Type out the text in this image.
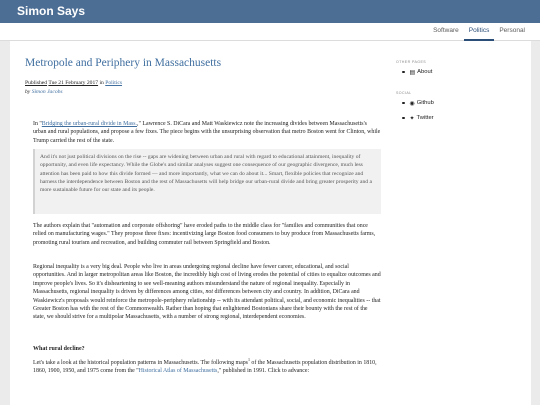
Simon Says
Software	Politics	Personal
Metropole and Periphery in Massachusetts
Published Tue 21 February 2017 in Politics
by Simon Jacobs
In "Bridging the urban-rural divide in Mass.," Lawrence S. DiCara and Matt Waskiewicz note the increasing divides between Massachusetts's urban and rural populations, and propose a few fixes. The piece begins with the unsurprising observation that metro Boston went for Clinton, while Trump carried the rest of the state.
And it's not just political divisions on the rise -- gaps are widening between urban and rural with regard to educational attainment, inequality of opportunity, and even life expectancy. While the Globe's and similar analyses suggest one consequence of our geographic divergence, much less attention has been paid to how this divide formed — and more importantly, what we can do about it... Smart, flexible policies that recognize and harness the interdependence between Boston and the rest of Massachusetts will help bridge our urban-rural divide and bring greater prosperity and a more sustainable future for our state and its people.
The authors explain that "automation and corporate offshoring" have eroded paths to the middle class for "families and communities that once relied on manufacturing wages." They propose three fixes: incentivizing large Boston food consumers to buy produce from Massachusetts farms, promoting rural tourism and recreation, and building commuter rail between Springfield and Boston.
Regional inequality is a very big deal. People who live in areas undergoing regional decline have fewer career, educational, and social opportunities. And in larger metropolitan areas like Boston, the incredibly high cost of living erodes the potential of cities to equalize outcomes and improve people's lives. So it's disheartening to see well-meaning authors misunderstand the nature of regional inequality. Especially in Massachusetts, regional inequality is driven by differences among cities, not differences between city and country. In addition, DiCara and Waskiewicz's proposals would reinforce the metropole-periphery relationship -- with its attendant political, social, and economic inequalities -- that Greater Boston has with the rest of the Commonwealth. Rather than hoping that enlightened Bostonians share their bounty with the rest of the state, we should strive for a multipolar Massachusetts, with a number of strong regional, interdependent economies.
What rural decline?
Let's take a look at the historical population patterns in Massachusetts. The following maps$^1$ of the Massachusetts population distribution in 1810, 1860, 1900, 1950, and 1975 come from the "Historical Atlas of Massachusetts," published in 1991. Click to advance:
OTHER PAGES
▤ About
SOCIAL
◉ Github
✦ Twitter
